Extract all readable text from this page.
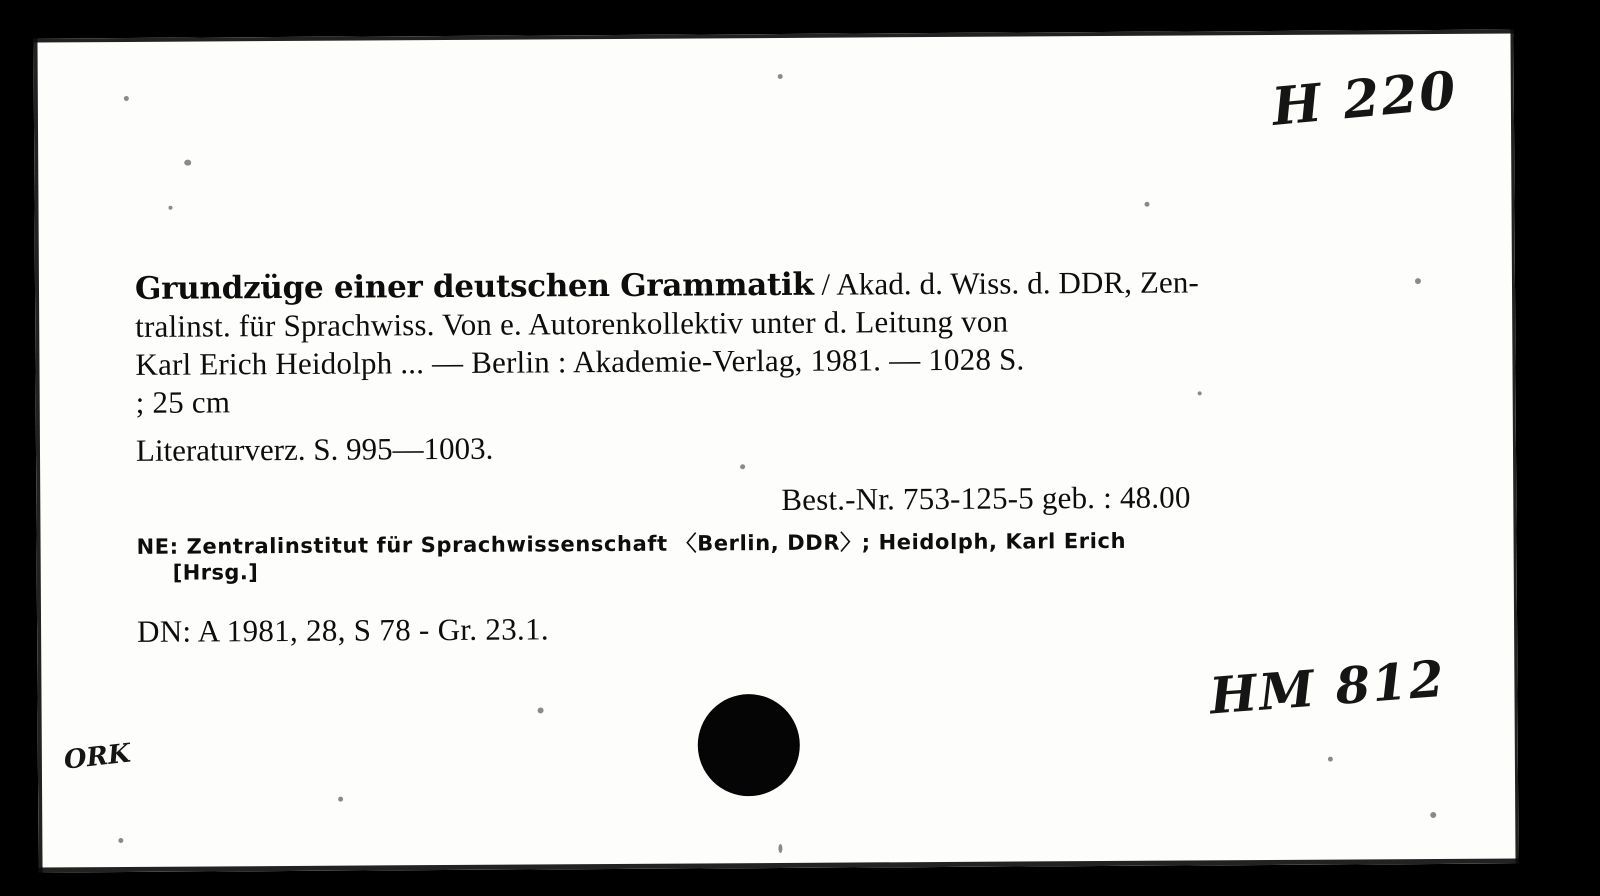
H 220
HM 812
ORK
Grundzüge einer deutschen Grammatik / Akad. d. Wiss. d. DDR, Zen-
tralinst. für Sprachwiss. Von e. Autorenkollektiv unter d. Leitung von
Karl Erich Heidolph ... — Berlin : Akademie-Verlag, 1981. — 1028 S.
; 25 cm
Literaturverz. S. 995—1003.
Best.-Nr. 753-125-5 geb. : 48.00
NE: Zentralinstitut für Sprachwissenschaft 〈Berlin, DDR〉; Heidolph, Karl Erich
[Hrsg.]
DN: A 1981, 28, S 78 - Gr. 23.1.
